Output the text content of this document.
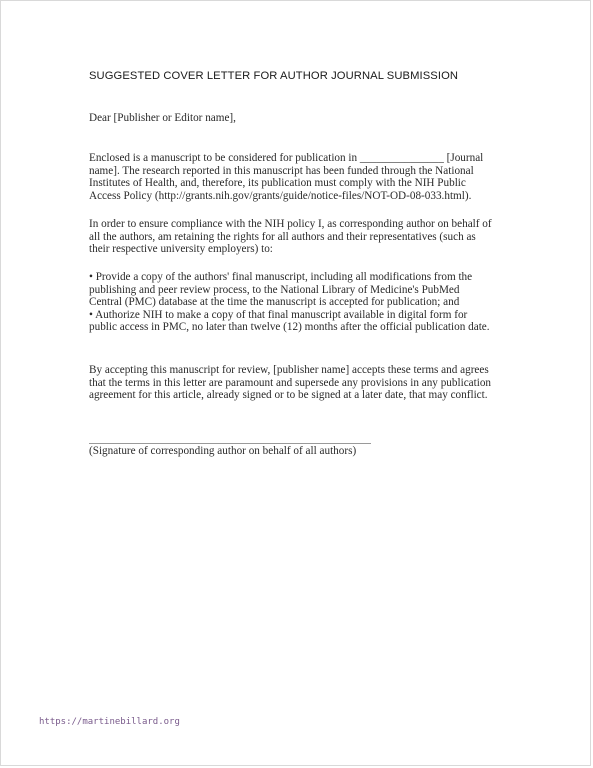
SUGGESTED COVER LETTER FOR AUTHOR JOURNAL SUBMISSION

Dear [Publisher or Editor name],

Enclosed is a manuscript to be considered for publication in _______________ [Journal
name]. The research reported in this manuscript has been funded through the National
Institutes of Health, and, therefore, its publication must comply with the NIH Public
Access Policy (http://grants.nih.gov/grants/guide/notice-files/NOT-OD-08-033.html).

In order to ensure compliance with the NIH policy I, as corresponding author on behalf of
all the authors, am retaining the rights for all authors and their representatives (such as
their respective university employers) to:

• Provide a copy of the authors' final manuscript, including all modifications from the
publishing and peer review process, to the National Library of Medicine's PubMed
Central (PMC) database at the time the manuscript is accepted for publication; and
• Authorize NIH to make a copy of that final manuscript available in digital form for
public access in PMC, no later than twelve (12) months after the official publication date.

By accepting this manuscript for review, [publisher name] accepts these terms and agrees
that the terms in this letter are paramount and supersede any provisions in any publication
agreement for this article, already signed or to be signed at a later date, that may conflict.

(Signature of corresponding author on behalf of all authors)

https://martinebillard.org
